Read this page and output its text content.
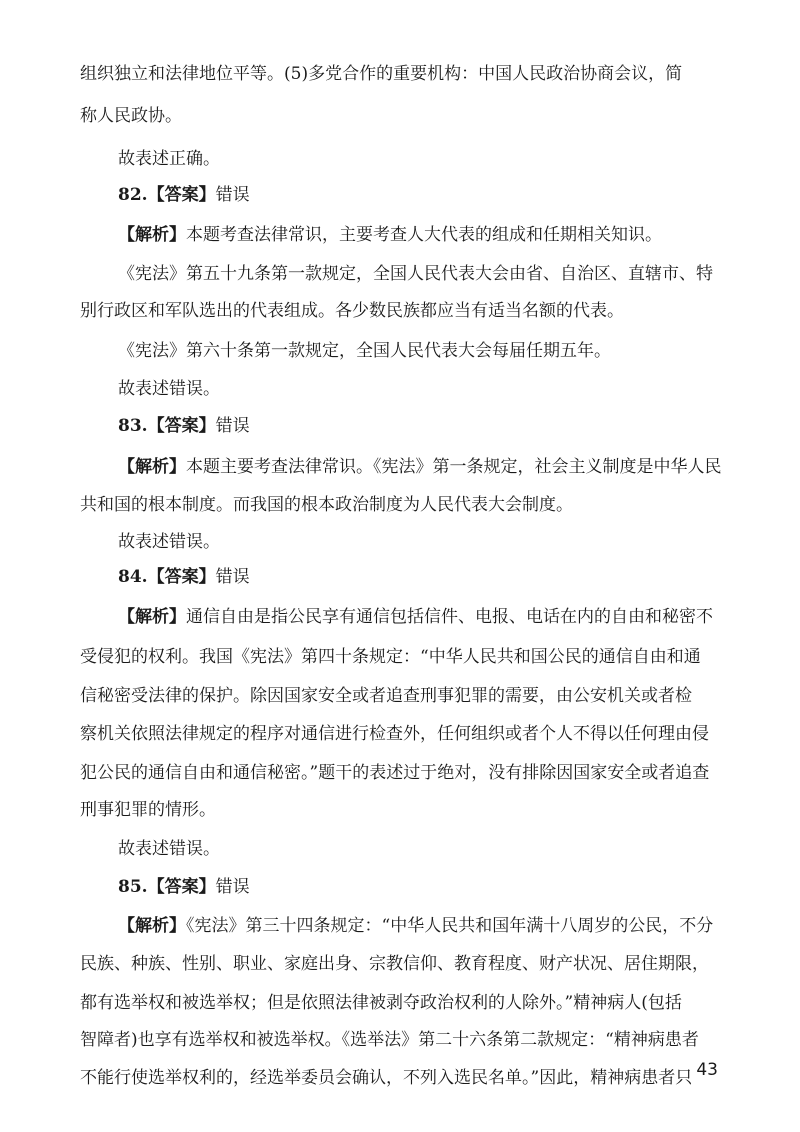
组织独立和法律地位平等。(5)多党合作的重要机构：中国人民政治协商会议，简

称人民政协。

故表述正确。

82.【答案】错误

【解析】本题考查法律常识，主要考查人大代表的组成和任期相关知识。

《宪法》第五十九条第一款规定，全国人民代表大会由省、自治区、直辖市、特

别行政区和军队选出的代表组成。各少数民族都应当有适当名额的代表。

《宪法》第六十条第一款规定，全国人民代表大会每届任期五年。

故表述错误。

83.【答案】错误

【解析】本题主要考查法律常识。《宪法》第一条规定，社会主义制度是中华人民

共和国的根本制度。而我国的根本政治制度为人民代表大会制度。

故表述错误。

84.【答案】错误

【解析】通信自由是指公民享有通信包括信件、电报、电话在内的自由和秘密不

受侵犯的权利。我国《宪法》第四十条规定：“中华人民共和国公民的通信自由和通

信秘密受法律的保护。除因国家安全或者追查刑事犯罪的需要，由公安机关或者检

察机关依照法律规定的程序对通信进行检查外，任何组织或者个人不得以任何理由侵

犯公民的通信自由和通信秘密。”题干的表述过于绝对，没有排除因国家安全或者追查

刑事犯罪的情形。

故表述错误。

85.【答案】错误

【解析】《宪法》第三十四条规定：“中华人民共和国年满十八周岁的公民，不分

民族、种族、性别、职业、家庭出身、宗教信仰、教育程度、财产状况、居住期限，

都有选举权和被选举权；但是依照法律被剥夺政治权利的人除外。”精神病人(包括

智障者)也享有选举权和被选举权。《选举法》第二十六条第二款规定：“精神病患者

不能行使选举权利的，经选举委员会确认，不列入选民名单。”因此，精神病患者只 43
